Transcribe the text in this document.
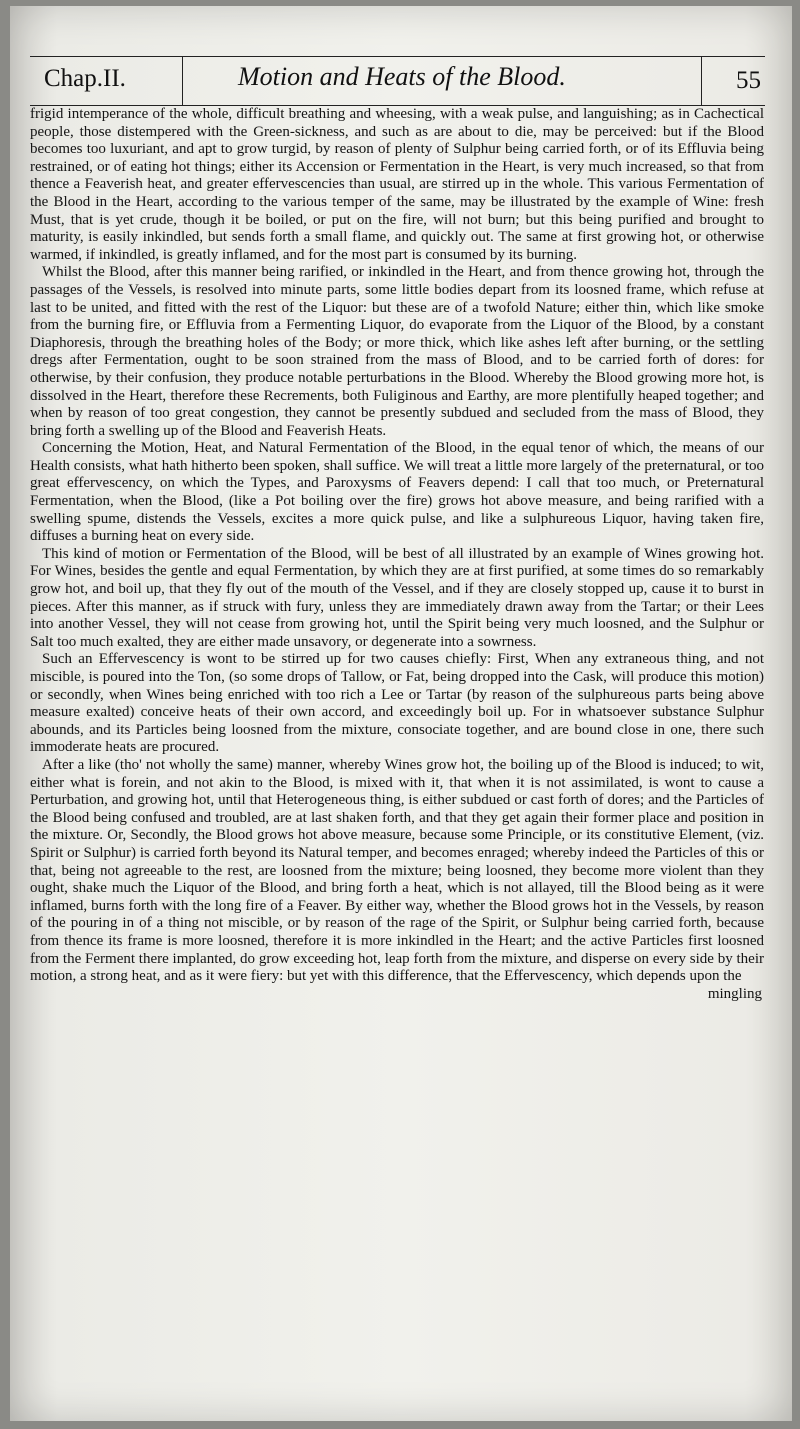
Chap.II.	Motion and Heats of the Blood.	55

frigid intemperance of the whole, difficult breathing and wheesing, with a weak pulse, and languishing; as in Cachectical people, those distempered with the Green-sickness, and such as are about to die, may be perceived: but if the Blood becomes too luxuriant, and apt to grow turgid, by reason of plenty of Sulphur being carried forth, or of its Effluvia being restrained, or of eating hot things; either its Accension or Fermentation in the Heart, is very much increased, so that from thence a Feaverish heat, and greater effervescencies than usual, are stirred up in the whole. This various Fermentation of the Blood in the Heart, according to the various temper of the same, may be illustrated by the example of Wine: fresh Must, that is yet crude, though it be boiled, or put on the fire, will not burn; but this being purified and brought to maturity, is easily inkindled, but sends forth a small flame, and quickly out. The same at first growing hot, or otherwise warmed, if inkindled, is greatly inflamed, and for the most part is consumed by its burning.

Whilst the Blood, after this manner being rarified, or inkindled in the Heart, and from thence growing hot, through the passages of the Vessels, is resolved into minute parts, some little bodies depart from its loosned frame, which refuse at last to be united, and fitted with the rest of the Liquor: but these are of a twofold Nature; either thin, which like smoke from the burning fire, or Effluvia from a Fermenting Liquor, do evaporate from the Liquor of the Blood, by a constant Diaphoresis, through the breathing holes of the Body; or more thick, which like ashes left after burning, or the settling dregs after Fermentation, ought to be soon strained from the mass of Blood, and to be carried forth of dores: for otherwise, by their confusion, they produce notable perturbations in the Blood. Whereby the Blood growing more hot, is dissolved in the Heart, therefore these Recrements, both Fuliginous and Earthy, are more plentifully heaped together; and when by reason of too great congestion, they cannot be presently subdued and secluded from the mass of Blood, they bring forth a swelling up of the Blood and Feaverish Heats.

Concerning the Motion, Heat, and Natural Fermentation of the Blood, in the equal tenor of which, the means of our Health consists, what hath hitherto been spoken, shall suffice. We will treat a little more largely of the preternatural, or too great effervescency, on which the Types, and Paroxysms of Feavers depend: I call that too much, or Preternatural Fermentation, when the Blood, (like a Pot boiling over the fire) grows hot above measure, and being rarified with a swelling spume, distends the Vessels, excites a more quick pulse, and like a sulphureous Liquor, having taken fire, diffuses a burning heat on every side.

This kind of motion or Fermentation of the Blood, will be best of all illustrated by an example of Wines growing hot. For Wines, besides the gentle and equal Fermentation, by which they are at first purified, at some times do so remarkably grow hot, and boil up, that they fly out of the mouth of the Vessel, and if they are closely stopped up, cause it to burst in pieces. After this manner, as if struck with fury, unless they are immediately drawn away from the Tartar; or their Lees into another Vessel, they will not cease from growing hot, until the Spirit being very much loosned, and the Sulphur or Salt too much exalted, they are either made unsavory, or degenerate into a sowrness.

Such an Effervescency is wont to be stirred up for two causes chiefly: First, When any extraneous thing, and not miscible, is poured into the Ton, (so some drops of Tallow, or Fat, being dropped into the Cask, will produce this motion) or secondly, when Wines being enriched with too rich a Lee or Tartar (by reason of the sulphureous parts being above measure exalted) conceive heats of their own accord, and exceedingly boil up. For in whatsoever substance Sulphur abounds, and its Particles being loosned from the mixture, consociate together, and are bound close in one, there such immoderate heats are procured.

After a like (tho' not wholly the same) manner, whereby Wines grow hot, the boiling up of the Blood is induced; to wit, either what is forein, and not akin to the Blood, is mixed with it, that when it is not assimilated, is wont to cause a Perturbation, and growing hot, until that Heterogeneous thing, is either subdued or cast forth of dores; and the Particles of the Blood being confused and troubled, are at last shaken forth, and that they get again their former place and position in the mixture. Or, Secondly, the Blood grows hot above measure, because some Principle, or its constitutive Element, (viz. Spirit or Sulphur) is carried forth beyond its Natural temper, and becomes enraged; whereby indeed the Particles of this or that, being not agreeable to the rest, are loosned from the mixture; being loosned, they become more violent than they ought, shake much the Liquor of the Blood, and bring forth a heat, which is not allayed, till the Blood being as it were inflamed, burns forth with the long fire of a Feaver. By either way, whether the Blood grows hot in the Vessels, by reason of the pouring in of a thing not miscible, or by reason of the rage of the Spirit, or Sulphur being carried forth, because from thence its frame is more loosned, therefore it is more inkindled in the Heart; and the active Particles first loosned from the Ferment there implanted, do grow exceeding hot, leap forth from the mixture, and disperse on every side by their motion, a strong heat, and as it were fiery: but yet with this difference, that the Effervescency, which depends upon the

mingling
